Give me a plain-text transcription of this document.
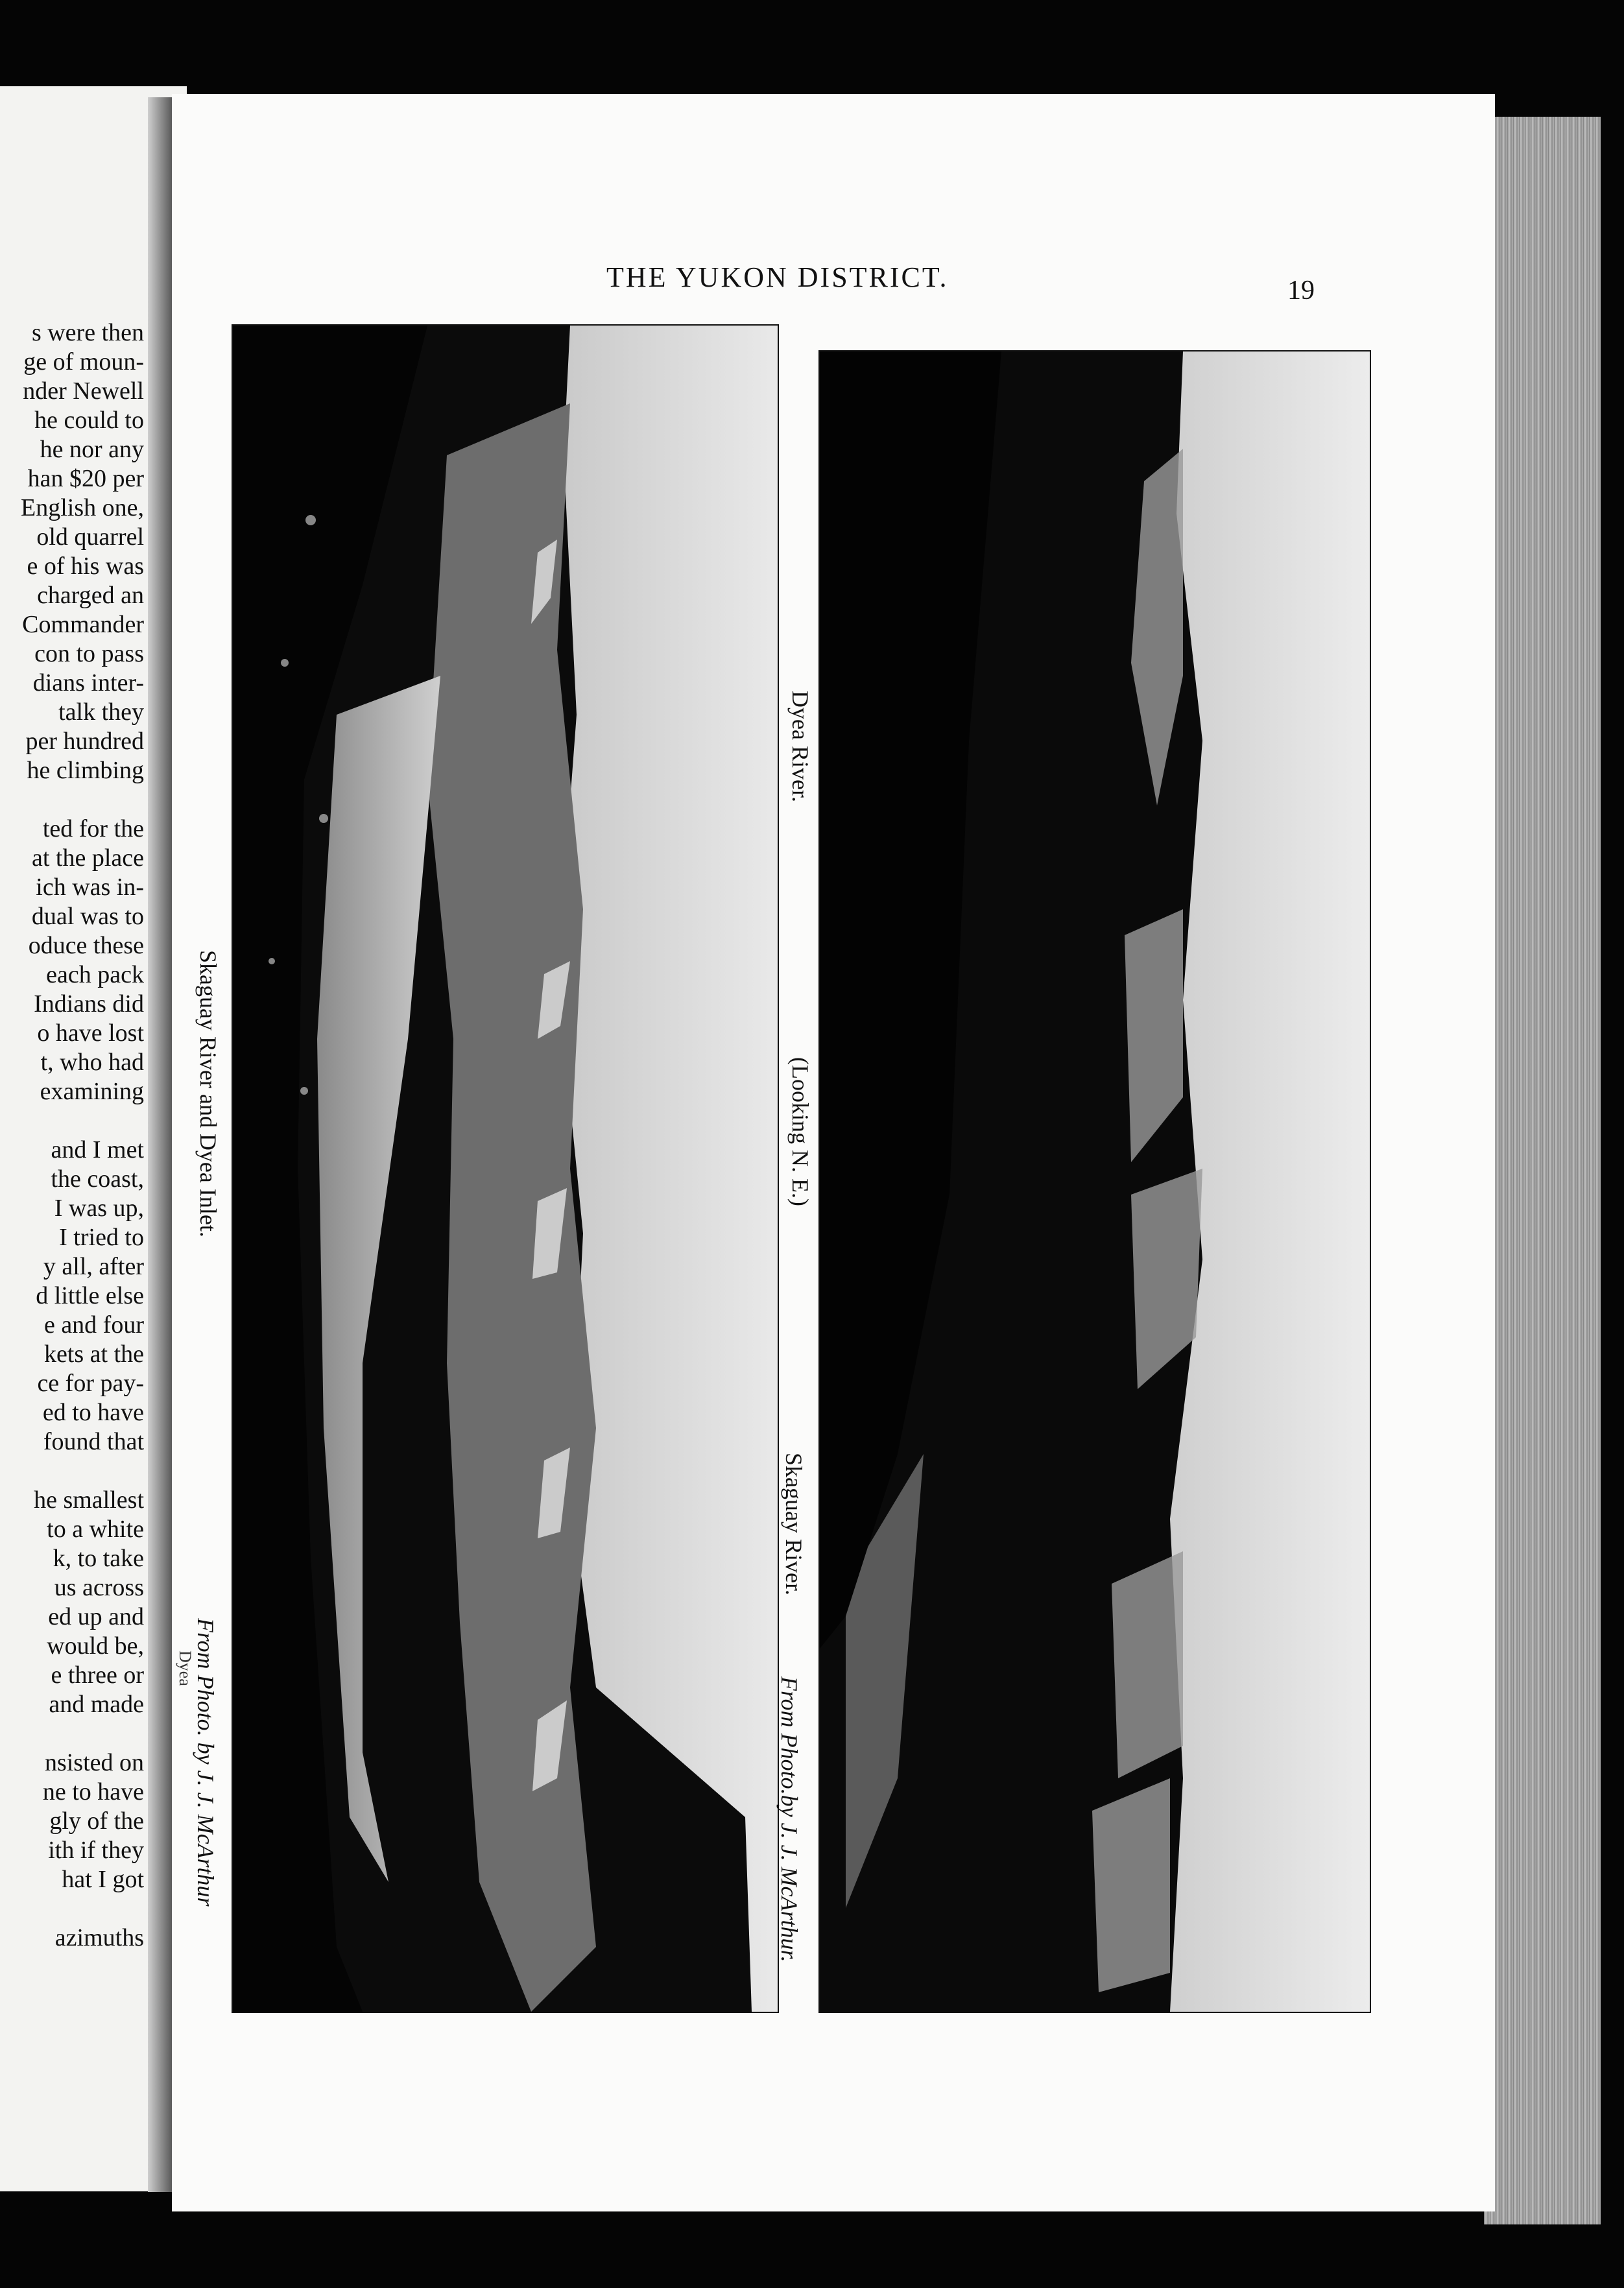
s were then
ge of moun-
nder Newell
he could to
he nor any
han $20 per
English one,
old quarrel
e of his was
charged an
Commander
con to pass
dians inter-
talk they
per hundred
he climbing
ted for the
at the place
ich was in-
dual was to
oduce these
each pack
Indians did
o have lost
t, who had
examining
and I met
the coast,
I was up,
I tried to
y all, after
d little else
e and four
kets at the
ce for pay-
ed to have
found that
he smallest
to a white
k, to take
us across
ed up and
would be,
e three or
and made
nsisted on
ne to have
gly of the
ith if they
hat I got
azimuths
THE YUKON DISTRICT.	19
Skaguay River and Dyea Inlet.
From Photo. by J. J. McArthur
Dyea
Dyea River.
(Looking N. E.)
Skaguay River.
From Photo.by J. J. McArthur.
